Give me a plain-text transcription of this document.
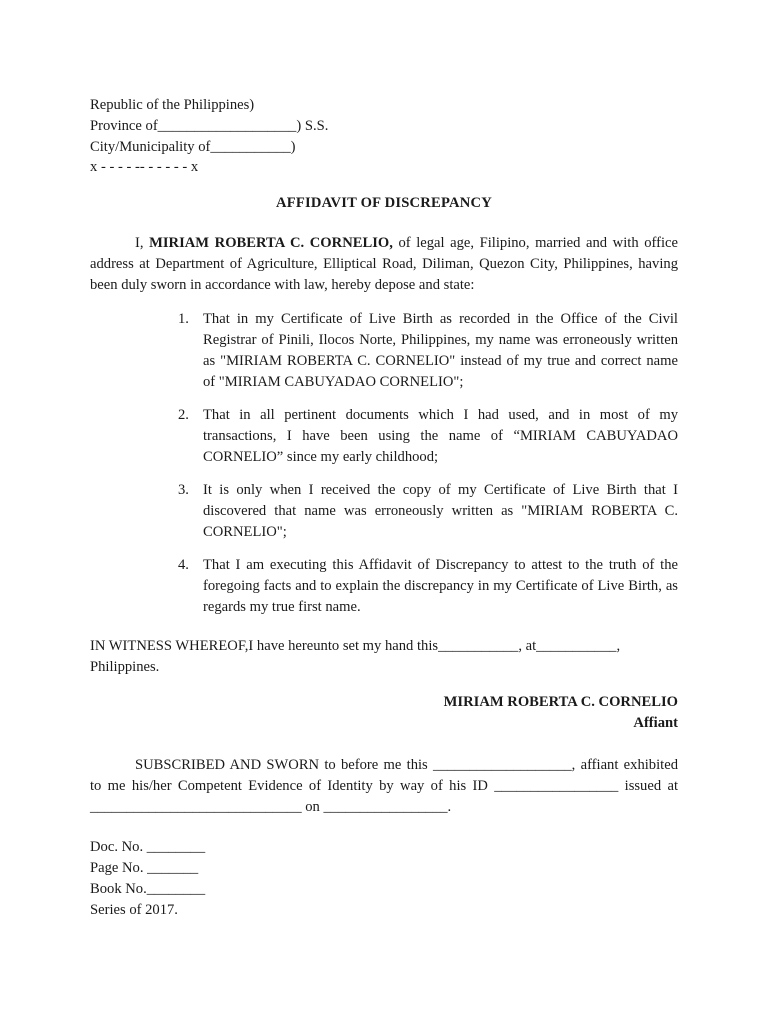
Republic of the Philippines)
Province of___________________) S.S.
City/Municipality of___________)
x - - - - -- - - - - - x
AFFIDAVIT OF DISCREPANCY
I, MIRIAM ROBERTA C. CORNELIO, of legal age, Filipino, married and with office address at Department of Agriculture, Elliptical Road, Diliman, Quezon City, Philippines, having been duly sworn in accordance with law, hereby depose and state:
1. That in my Certificate of Live Birth as recorded in the Office of the Civil Registrar of Pinili, Ilocos Norte, Philippines, my name was erroneously written as "MIRIAM ROBERTA C. CORNELIO" instead of my true and correct name of "MIRIAM CABUYADAO CORNELIO";
2. That in all pertinent documents which I had used, and in most of my transactions, I have been using the name of “MIRIAM CABUYADAO CORNELIO” since my early childhood;
3. It is only when I received the copy of my Certificate of Live Birth that I discovered that name was erroneously written as "MIRIAM ROBERTA C. CORNELIO";
4. That I am executing this Affidavit of Discrepancy to attest to the truth of the foregoing facts and to explain the discrepancy in my Certificate of Live Birth, as regards my true first name.
IN WITNESS WHEREOF,I have hereunto set my hand this___________, at___________, Philippines.
MIRIAM ROBERTA C. CORNELIO
Affiant
SUBSCRIBED AND SWORN to before me this ___________________, affiant exhibited to me his/her Competent Evidence of Identity by way of his ID _________________ issued at _____________________________ on _________________.
Doc. No. ________
Page No. _______
Book No.________
Series of 2017.
